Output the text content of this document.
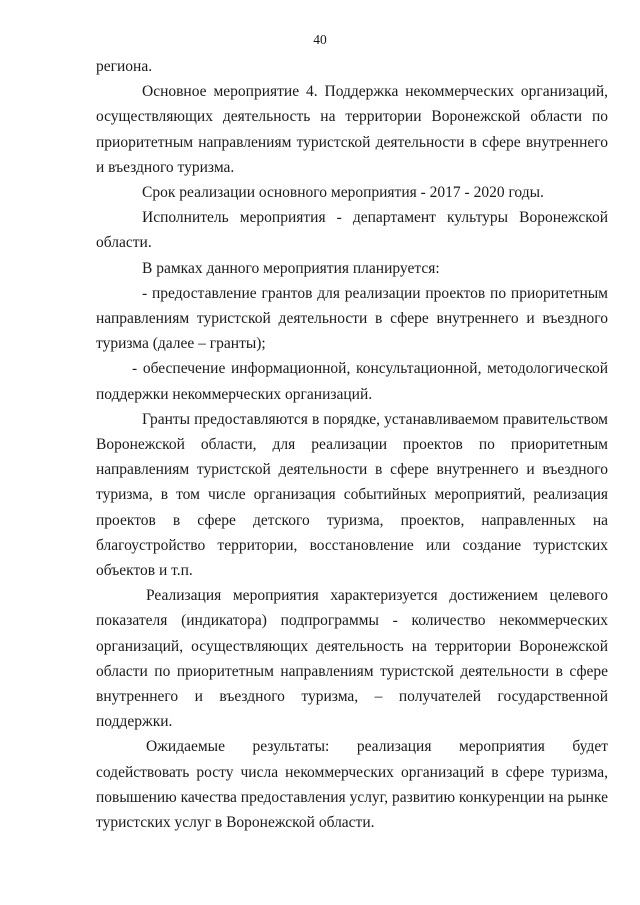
40

региона.

Основное мероприятие 4. Поддержка некоммерческих организаций, осуществляющих деятельность на территории Воронежской области по приоритетным направлениям туристской деятельности в сфере внутреннего и въездного туризма.

Срок реализации основного мероприятия - 2017 - 2020 годы.

Исполнитель мероприятия - департамент культуры Воронежской области.

В рамках данного мероприятия планируется:

- предоставление грантов для реализации проектов по приоритетным направлениям туристской деятельности в сфере внутреннего и въездного туризма (далее – гранты);

- обеспечение информационной, консультационной, методологической поддержки некоммерческих организаций.

Гранты предоставляются в порядке, устанавливаемом правительством Воронежской области, для реализации проектов по приоритетным направлениям туристской деятельности в сфере внутреннего и въездного туризма, в том числе организация событийных мероприятий, реализация проектов в сфере детского туризма, проектов, направленных на благоустройство территории, восстановление или создание туристских объектов и т.п.

Реализация мероприятия характеризуется достижением целевого показателя (индикатора) подпрограммы - количество некоммерческих организаций, осуществляющих деятельность на территории Воронежской области по приоритетным направлениям туристской деятельности в сфере внутреннего и въездного туризма, – получателей государственной поддержки.

Ожидаемые результаты: реализация мероприятия будет содействовать росту числа некоммерческих организаций в сфере туризма, повышению качества предоставления услуг, развитию конкуренции на рынке туристских услуг в Воронежской области.
